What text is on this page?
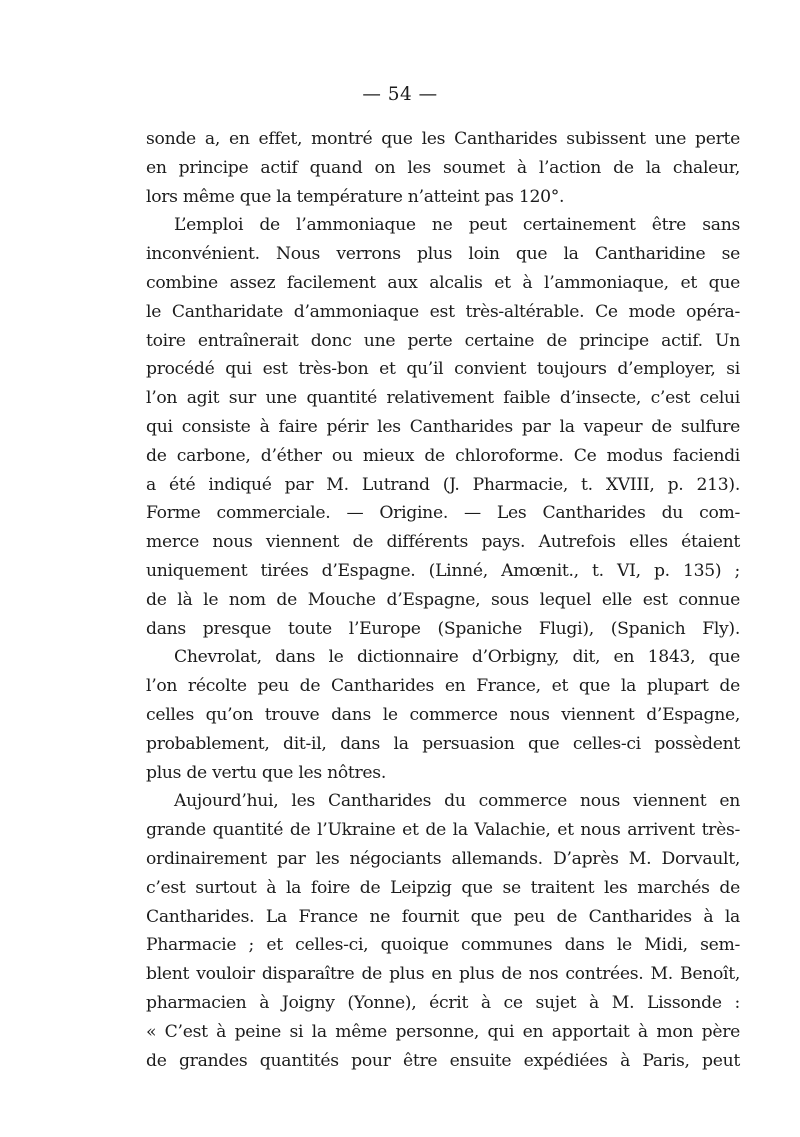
— 54 —
sonde a, en effet, montré que les Cantharides subissent une perte
en principe actif quand on les soumet à l’action de la chaleur,
lors même que la température n’atteint pas 120°.
L’emploi de l’ammoniaque ne peut certainement être sans
inconvénient. Nous verrons plus loin que la Cantharidine se
combine assez facilement aux alcalis et à l’ammoniaque, et que
le Cantharidate d’ammoniaque est très-altérable. Ce mode opéra-
toire entraînerait donc une perte certaine de principe actif. Un
procédé qui est très-bon et qu’il convient toujours d’employer, si
l’on agit sur une quantité relativement faible d’insecte, c’est celui
qui consiste à faire périr les Cantharides par la vapeur de sulfure
de carbone, d’éther ou mieux de chloroforme. Ce modus faciendi
a été indiqué par M. Lutrand (J. Pharmacie, t. XVIII, p. 213).
Forme commerciale. — Origine. — Les Cantharides du com-
merce nous viennent de différents pays. Autrefois elles étaient
uniquement tirées d’Espagne. (Linné, Amœnit., t. VI, p. 135) ;
de là le nom de Mouche d’Espagne, sous lequel elle est connue
dans presque toute l’Europe (Spaniche Flugi), (Spanich Fly).
Chevrolat, dans le dictionnaire d’Orbigny, dit, en 1843, que
l’on récolte peu de Cantharides en France, et que la plupart de
celles qu’on trouve dans le commerce nous viennent d’Espagne,
probablement, dit-il, dans la persuasion que celles-ci possèdent
plus de vertu que les nôtres.
Aujourd’hui, les Cantharides du commerce nous viennent en
grande quantité de l’Ukraine et de la Valachie, et nous arrivent très-
ordinairement par les négociants allemands. D’après M. Dorvault,
c’est surtout à la foire de Leipzig que se traitent les marchés de
Cantharides. La France ne fournit que peu de Cantharides à la
Pharmacie ; et celles-ci, quoique communes dans le Midi, sem-
blent vouloir disparaître de plus en plus de nos contrées. M. Benoît,
pharmacien à Joigny (Yonne), écrit à ce sujet à M. Lissonde :
« C’est à peine si la même personne, qui en apportait à mon père
de grandes quantités pour être ensuite expédiées à Paris, peut
